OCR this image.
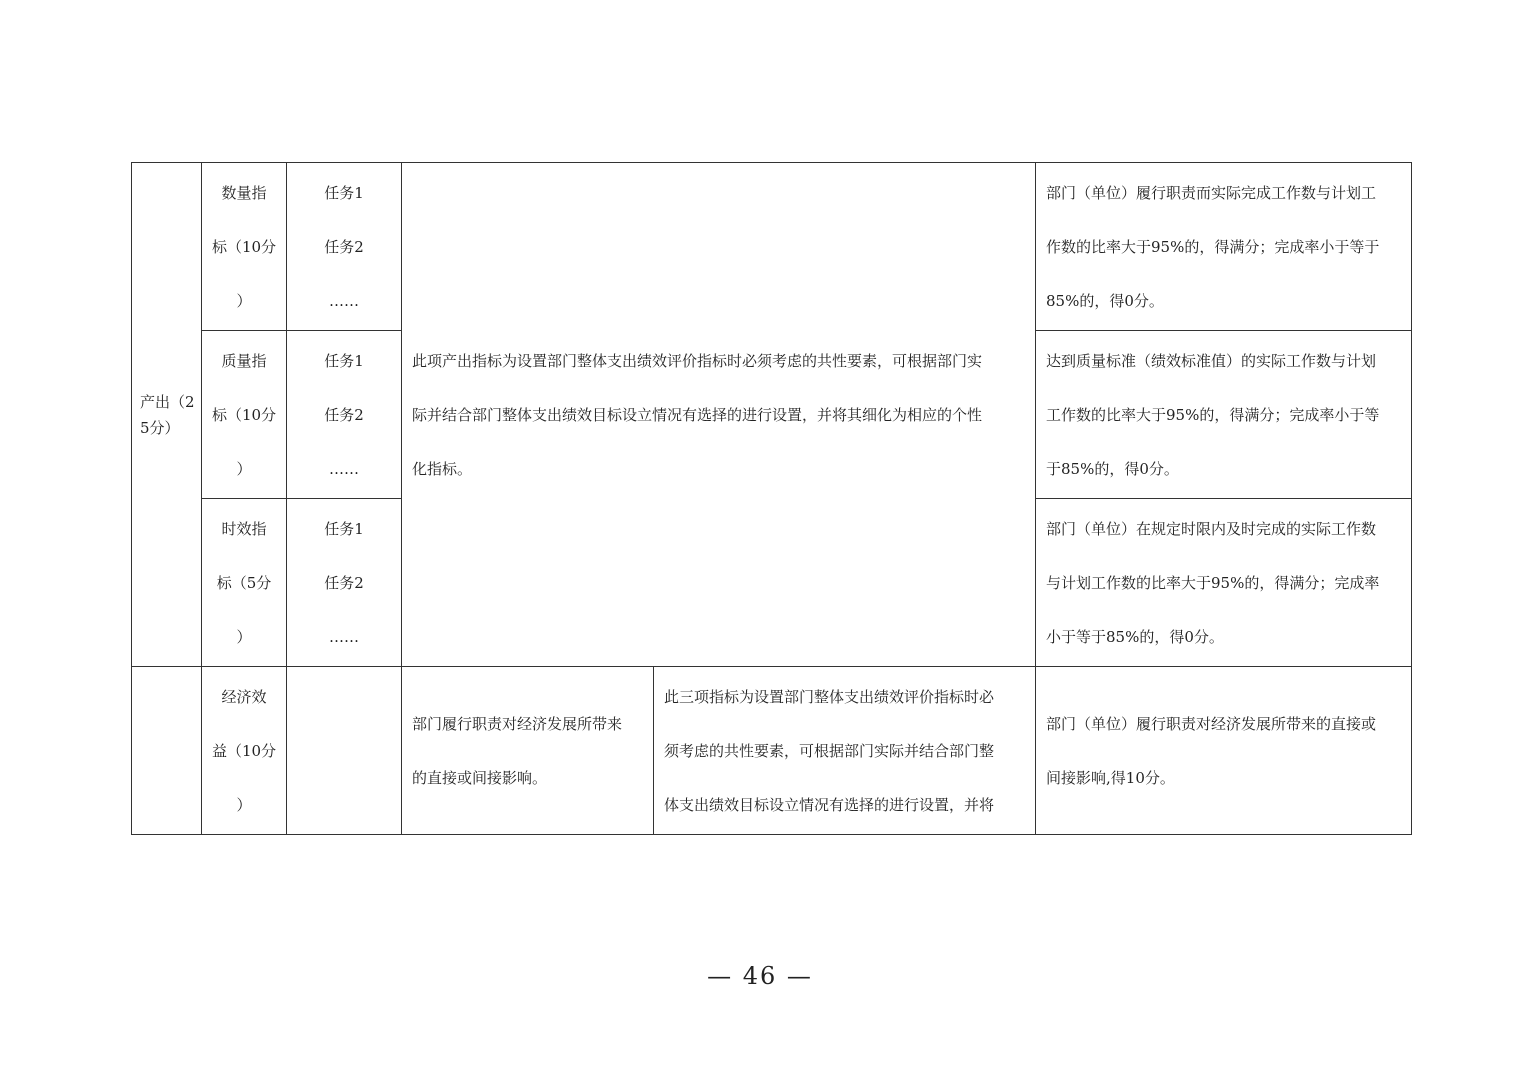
产出（2
5分）	数量指
标（10分
）	任务1
任务2
……	此项产出指标为设置部门整体支出绩效评价指标时必须考虑的共性要素，可根据部门实
际并结合部门整体支出绩效目标设立情况有选择的进行设置，并将其细化为相应的个性
化指标。		部门（单位）履行职责而实际完成工作数与计划工
作数的比率大于95%的，得满分；完成率小于等于
85%的，得0分。

	质量指
标（10分
）	任务1
任务2
……			达到质量标准（绩效标准值）的实际工作数与计划
工作数的比率大于95%的，得满分；完成率小于等
于85%的，得0分。

	时效指
标（5分
）	任务1
任务2
……			部门（单位）在规定时限内及时完成的实际工作数
与计划工作数的比率大于95%的，得满分；完成率
小于等于85%的，得0分。

	经济效
益（10分
）		部门履行职责对经济发展所带来
的直接或间接影响。	此三项指标为设置部门整体支出绩效评价指标时必
须考虑的共性要素，可根据部门实际并结合部门整
体支出绩效目标设立情况有选择的进行设置，并将	部门（单位）履行职责对经济发展所带来的直接或
间接影响,得10分。
— 46 —
